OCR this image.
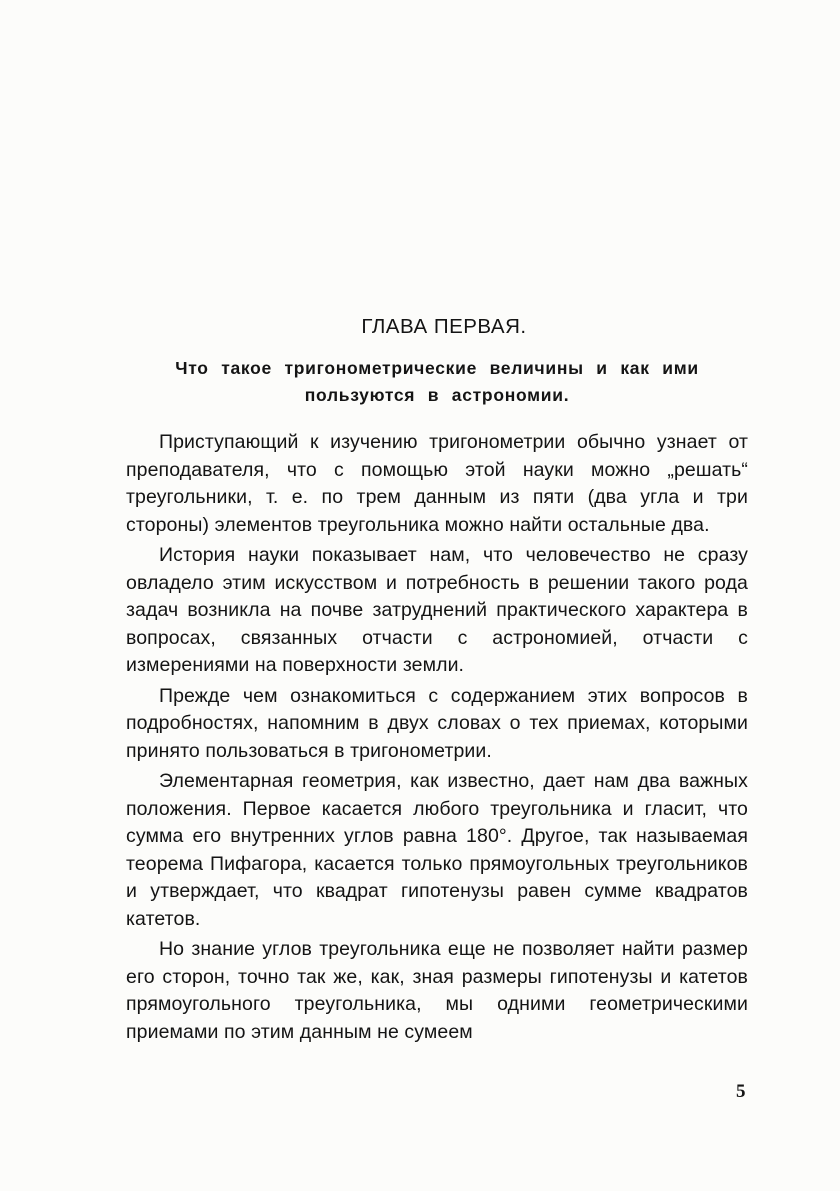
ГЛАВА ПЕРВАЯ.
Что такое тригонометрические величины и как ими
пользуются в астрономии.

Приступающий к изучению тригонометрии обычно узнает от преподавателя, что с помощью этой науки можно „решать“ треугольники, т. е. по трем данным из пяти (два угла и три стороны) элементов треугольника можно найти остальные два.

История науки показывает нам, что человечество не сразу овладело этим искусством и потребность в решении такого рода задач возникла на почве затруднений практического характера в вопросах, связанных отчасти с астрономией, отчасти с измерениями на поверхности земли.

Прежде чем ознакомиться с содержанием этих вопросов в подробностях, напомним в двух словах о тех приемах, которыми принято пользоваться в тригонометрии.

Элементарная геометрия, как известно, дает нам два важных положения. Первое касается любого треугольника и гласит, что сумма его внутренних углов равна 180°. Другое, так называемая теорема Пифагора, касается только прямоугольных треугольников и утверждает, что квадрат гипотенузы равен сумме квадратов катетов.

Но знание углов треугольника еще не позволяет найти размер его сторон, точно так же, как, зная размеры гипотенузы и катетов прямоугольного треугольника, мы одними геометрическими приемами по этим данным не сумеем

5
